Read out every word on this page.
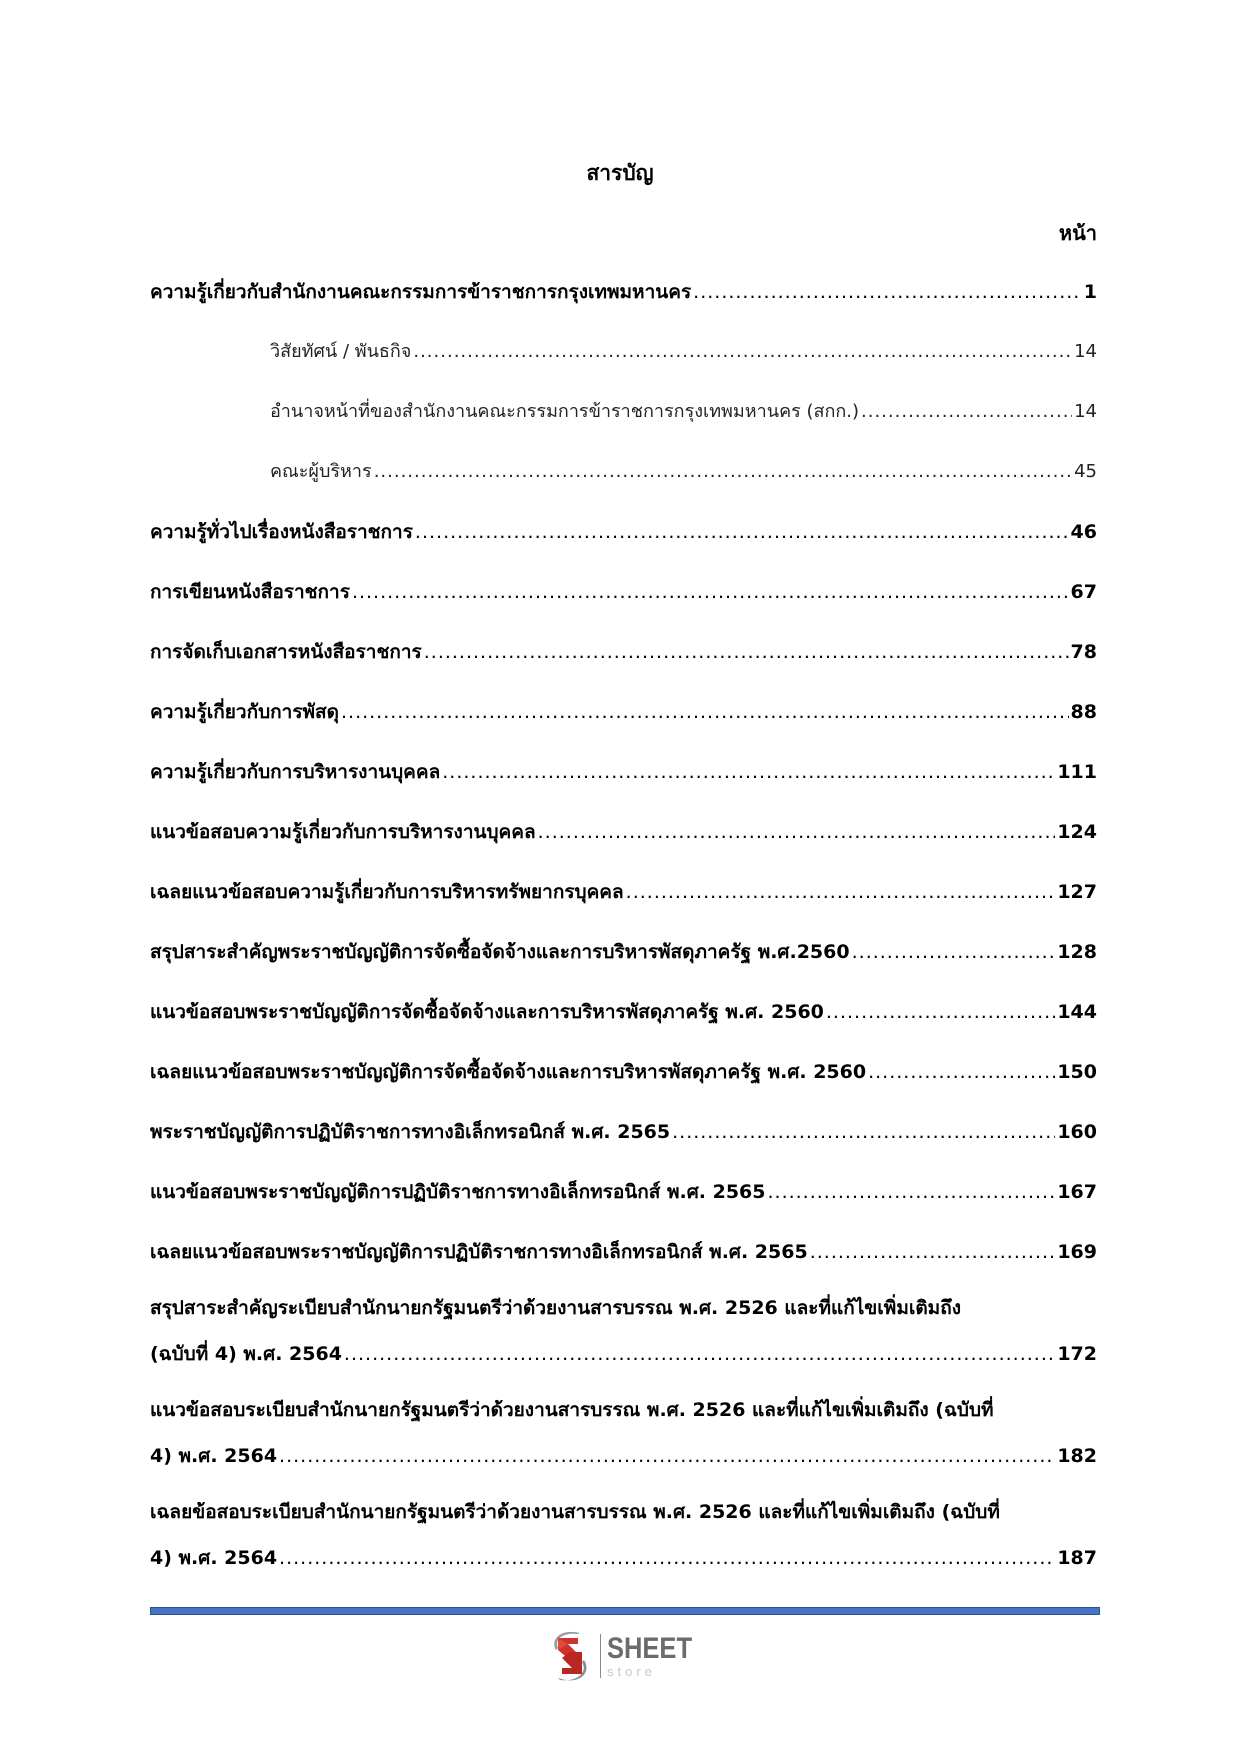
สารบัญ
หน้า
ความรู้เกี่ยวกับสำนักงานคณะกรรมการข้าราชการกรุงเทพมหานคร .....	1
วิสัยทัศน์ / พันธกิจ .....	14
อำนาจหน้าที่ของสำนักงานคณะกรรมการข้าราชการกรุงเทพมหานคร (สกก.) .....	14
คณะผู้บริหาร .....	45
ความรู้ทั่วไปเรื่องหนังสือราชการ .....	46
การเขียนหนังสือราชการ .....	67
การจัดเก็บเอกสารหนังสือราชการ .....	78
ความรู้เกี่ยวกับการพัสดุ .....	88
ความรู้เกี่ยวกับการบริหารงานบุคคล .....	111
แนวข้อสอบความรู้เกี่ยวกับการบริหารงานบุคคล .....	124
เฉลยแนวข้อสอบความรู้เกี่ยวกับการบริหารทรัพยากรบุคคล .....	127
สรุปสาระสำคัญพระราชบัญญัติการจัดซื้อจัดจ้างและการบริหารพัสดุภาครัฐ พ.ศ.2560 .....	128
แนวข้อสอบพระราชบัญญัติการจัดซื้อจัดจ้างและการบริหารพัสดุภาครัฐ พ.ศ. 2560 .....	144
เฉลยแนวข้อสอบพระราชบัญญัติการจัดซื้อจัดจ้างและการบริหารพัสดุภาครัฐ พ.ศ. 2560 .....	150
พระราชบัญญัติการปฏิบัติราชการทางอิเล็กทรอนิกส์ พ.ศ. 2565 .....	160
แนวข้อสอบพระราชบัญญัติการปฏิบัติราชการทางอิเล็กทรอนิกส์ พ.ศ. 2565 .....	167
เฉลยแนวข้อสอบพระราชบัญญัติการปฏิบัติราชการทางอิเล็กทรอนิกส์ พ.ศ. 2565 .....	169
สรุปสาระสำคัญระเบียบสำนักนายกรัฐมนตรีว่าด้วยงานสารบรรณ พ.ศ. 2526 และที่แก้ไขเพิ่มเติมถึง
(ฉบับที่ 4) พ.ศ. 2564 .....	172
แนวข้อสอบระเบียบสำนักนายกรัฐมนตรีว่าด้วยงานสารบรรณ พ.ศ. 2526 และที่แก้ไขเพิ่มเติมถึง (ฉบับที่
4) พ.ศ. 2564 .....	182
เฉลยข้อสอบระเบียบสำนักนายกรัฐมนตรีว่าด้วยงานสารบรรณ พ.ศ. 2526 และที่แก้ไขเพิ่มเติมถึง (ฉบับที่
4) พ.ศ. 2564 .....	187
SHEET
store
